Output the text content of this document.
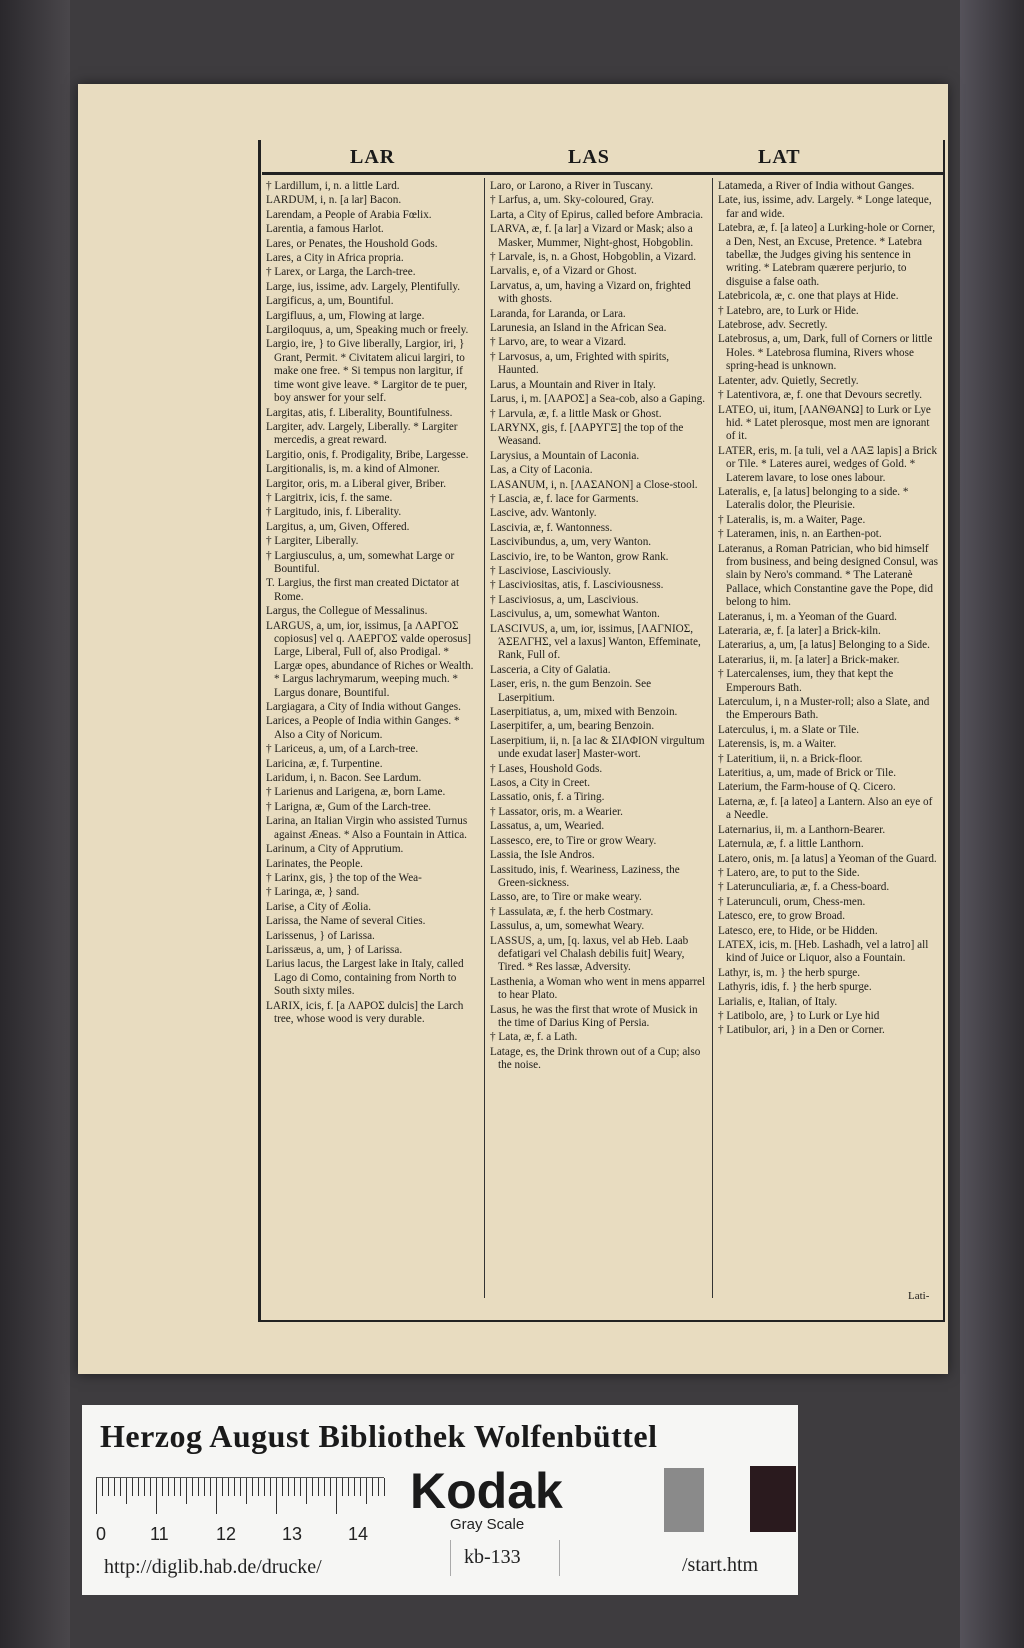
LAR	LAS	LAT
† Lardillum, i, n. a little Lard.
LARDUM, i, n. [a lar] Bacon.
Larendam, a People of Arabia Fœlix.
Larentia, a famous Harlot.
Lares, or Penates, the Houshold Gods.
Lares, a City in Africa propria.
† Larex, or Larga, the Larch-tree.
Large, ius, issime, adv. Largely, Plentifully.
Largificus, a, um, Bountiful.
Largifluus, a, um, Flowing at large.
Largiloquus, a, um, Speaking much or freely.
Largio, ire, } to Give liberally, Largior, iri, } Grant, Permit. * Civitatem alicui largiri, to make one free. * Si tempus non largitur, if time wont give leave. * Largitor de te puer, boy answer for your self.
Largitas, atis, f. Liberality, Bountifulness.
Largiter, adv. Largely, Liberally. * Largiter mercedis, a great reward.
Largitio, onis, f. Prodigality, Bribe, Largesse.
Largitionalis, is, m. a kind of Almoner.
Largitor, oris, m. a Liberal giver, Briber.
† Largitrix, icis, f. the same.
† Largitudo, inis, f. Liberality.
Largitus, a, um, Given, Offered.
† Largiter, Liberally.
† Largiusculus, a, um, somewhat Large or Bountiful.
T. Largius, the first man created Dictator at Rome.
Largus, the Collegue of Messalinus.
LARGUS, a, um, ior, issimus, [a ΛΑΡΓΟΣ copiosus] vel q. ΛΑΕΡΓΟΣ valde operosus] Large, Liberal, Full of, also Prodigal. * Largæ opes, abundance of Riches or Wealth. * Largus lachrymarum, weeping much. * Largus donare, Bountiful.
Largiagara, a City of India without Ganges.
Larices, a People of India within Ganges. * Also a City of Noricum.
† Lariceus, a, um, of a Larch-tree.
Laricina, æ, f. Turpentine.
Laridum, i, n. Bacon. See Lardum.
† Larienus and Larigena, æ, born Lame.
† Larigna, æ, Gum of the Larch-tree.
Larina, an Italian Virgin who assisted Turnus against Æneas. * Also a Fountain in Attica.
Larinum, a City of Apprutium.
Larinates, the People.
† Larinx, gis, } the top of the Wea-
† Laringa, æ, } sand.
Larise, a City of Æolia.
Larissa, the Name of several Cities.
Larissenus, } of Larissa.
Larissæus, a, um, } of Larissa.
Larius lacus, the Largest lake in Italy, called Lago di Como, containing from North to South sixty miles.
LARIX, icis, f. [a ΛΑΡΟΣ dulcis] the Larch tree, whose wood is very durable.
Laro, or Larono, a River in Tuscany.
† Larfus, a, um. Sky-coloured, Gray.
Larta, a City of Epirus, called before Ambracia.
LARVA, æ, f. [a lar] a Vizard or Mask; also a Masker, Mummer, Night-ghost, Hobgoblin.
† Larvale, is, n. a Ghost, Hobgoblin, a Vizard.
Larvalis, e, of a Vizard or Ghost.
Larvatus, a, um, having a Vizard on, frighted with ghosts.
Laranda, for Laranda, or Lara.
Larunesia, an Island in the African Sea.
† Larvo, are, to wear a Vizard.
† Larvosus, a, um, Frighted with spirits, Haunted.
Larus, a Mountain and River in Italy.
Larus, i, m. [ΛΑΡΟΣ] a Sea-cob, also a Gaping.
† Larvula, æ, f. a little Mask or Ghost.
LARYNX, gis, f. [ΛΑΡΥΓΞ] the top of the Weasand.
Larysius, a Mountain of Laconia.
Las, a City of Laconia.
LASANUM, i, n. [ΛΑΣΑΝΟΝ] a Close-stool.
† Lascia, æ, f. lace for Garments.
Lascive, adv. Wantonly.
Lascivia, æ, f. Wantonness.
Lascivibundus, a, um, very Wanton.
Lascivio, ire, to be Wanton, grow Rank.
† Lasciviose, Lasciviously.
† Lasciviositas, atis, f. Lasciviousness.
† Lasciviosus, a, um, Lascivious.
Lascivulus, a, um, somewhat Wanton.
LASCIVUS, a, um, ior, issimus, [ΛΑΓΝΙΟΣ, ΆΣΕΛΓΗΣ, vel a laxus] Wanton, Effeminate, Rank, Full of.
Lasceria, a City of Galatia.
Laser, eris, n. the gum Benzoin. See Laserpitium.
Laserpitiatus, a, um, mixed with Benzoin.
Laserpitifer, a, um, bearing Benzoin.
Laserpitium, ii, n. [a lac & ΣΙΛΦΙΟΝ virgultum unde exudat laser] Master-wort.
† Lases, Houshold Gods.
Lasos, a City in Creet.
Lassatio, onis, f. a Tiring.
† Lassator, oris, m. a Wearier.
Lassatus, a, um, Wearied.
Lassesco, ere, to Tire or grow Weary.
Lassia, the Isle Andros.
Lassitudo, inis, f. Weariness, Laziness, the Green-sickness.
Lasso, are, to Tire or make weary.
† Lassulata, æ, f. the herb Costmary.
Lassulus, a, um, somewhat Weary.
LASSUS, a, um, [q. laxus, vel ab Heb. Laab defatigari vel Chalash debilis fuit] Weary, Tired. * Res lassæ, Adversity.
Lasthenia, a Woman who went in mens apparrel to hear Plato.
Lasus, he was the first that wrote of Musick in the time of Darius King of Persia.
† Lata, æ, f. a Lath.
Latage, es, the Drink thrown out of a Cup; also the noise.
Latameda, a River of India without Ganges.
Late, ius, issime, adv. Largely. * Longe lateque, far and wide.
Latebra, æ, f. [a lateo] a Lurking-hole or Corner, a Den, Nest, an Excuse, Pretence. * Latebra tabellæ, the Judges giving his sentence in writing. * Latebram quærere perjurio, to disguise a false oath.
Latebricola, æ, c. one that plays at Hide.
† Latebro, are, to Lurk or Hide.
Latebrose, adv. Secretly.
Latebrosus, a, um, Dark, full of Corners or little Holes. * Latebrosa flumina, Rivers whose spring-head is unknown.
Latenter, adv. Quietly, Secretly.
† Latentivora, æ, f. one that Devours secretly.
LATEO, ui, itum, [ΛΑΝΘΑΝΩ] to Lurk or Lye hid. * Latet plerosque, most men are ignorant of it.
LATER, eris, m. [a tuli, vel a ΛΑΞ lapis] a Brick or Tile. * Lateres aurei, wedges of Gold. * Laterem lavare, to lose ones labour.
Lateralis, e, [a latus] belonging to a side. * Lateralis dolor, the Pleurisie.
† Lateralis, is, m. a Waiter, Page.
† Lateramen, inis, n. an Earthen-pot.
Lateranus, a Roman Patrician, who bid himself from business, and being designed Consul, was slain by Nero's command. * The Lateranè Pallace, which Constantine gave the Pope, did belong to him.
Lateranus, i, m. a Yeoman of the Guard.
Lateraria, æ, f. [a later] a Brick-kiln.
Laterarius, a, um, [a latus] Belonging to a Side.
Laterarius, ii, m. [a later] a Brick-maker.
† Latercalenses, ium, they that kept the Emperours Bath.
Laterculum, i, n a Muster-roll; also a Slate, and the Emperours Bath.
Laterculus, i, m. a Slate or Tile.
Laterensis, is, m. a Waiter.
† Lateritium, ii, n. a Brick-floor.
Lateritius, a, um, made of Brick or Tile.
Laterium, the Farm-house of Q. Cicero.
Laterna, æ, f. [a lateo] a Lantern. Also an eye of a Needle.
Laternarius, ii, m. a Lanthorn-Bearer.
Laternula, æ, f. a little Lanthorn.
Latero, onis, m. [a latus] a Yeoman of the Guard.
† Latero, are, to put to the Side.
† Laterunculiaria, æ, f. a Chess-board.
† Laterunculi, orum, Chess-men.
Latesco, ere, to grow Broad.
Latesco, ere, to Hide, or be Hidden.
LATEX, icis, m. [Heb. Lashadh, vel a latro] all kind of Juice or Liquor, also a Fountain.
Lathyr, is, m. } the herb spurge.
Lathyris, idis, f. } the herb spurge.
Larialis, e, Italian, of Italy.
† Latibolo, are, } to Lurk or Lye hid
† Latibulor, ari, } in a Den or Corner.
Lati-
Herzog August Bibliothek Wolfenbüttel
0 11	12	13	14
Kodak
Gray Scale
http://diglib.hab.de/drucke/	kb-133	/start.htm
